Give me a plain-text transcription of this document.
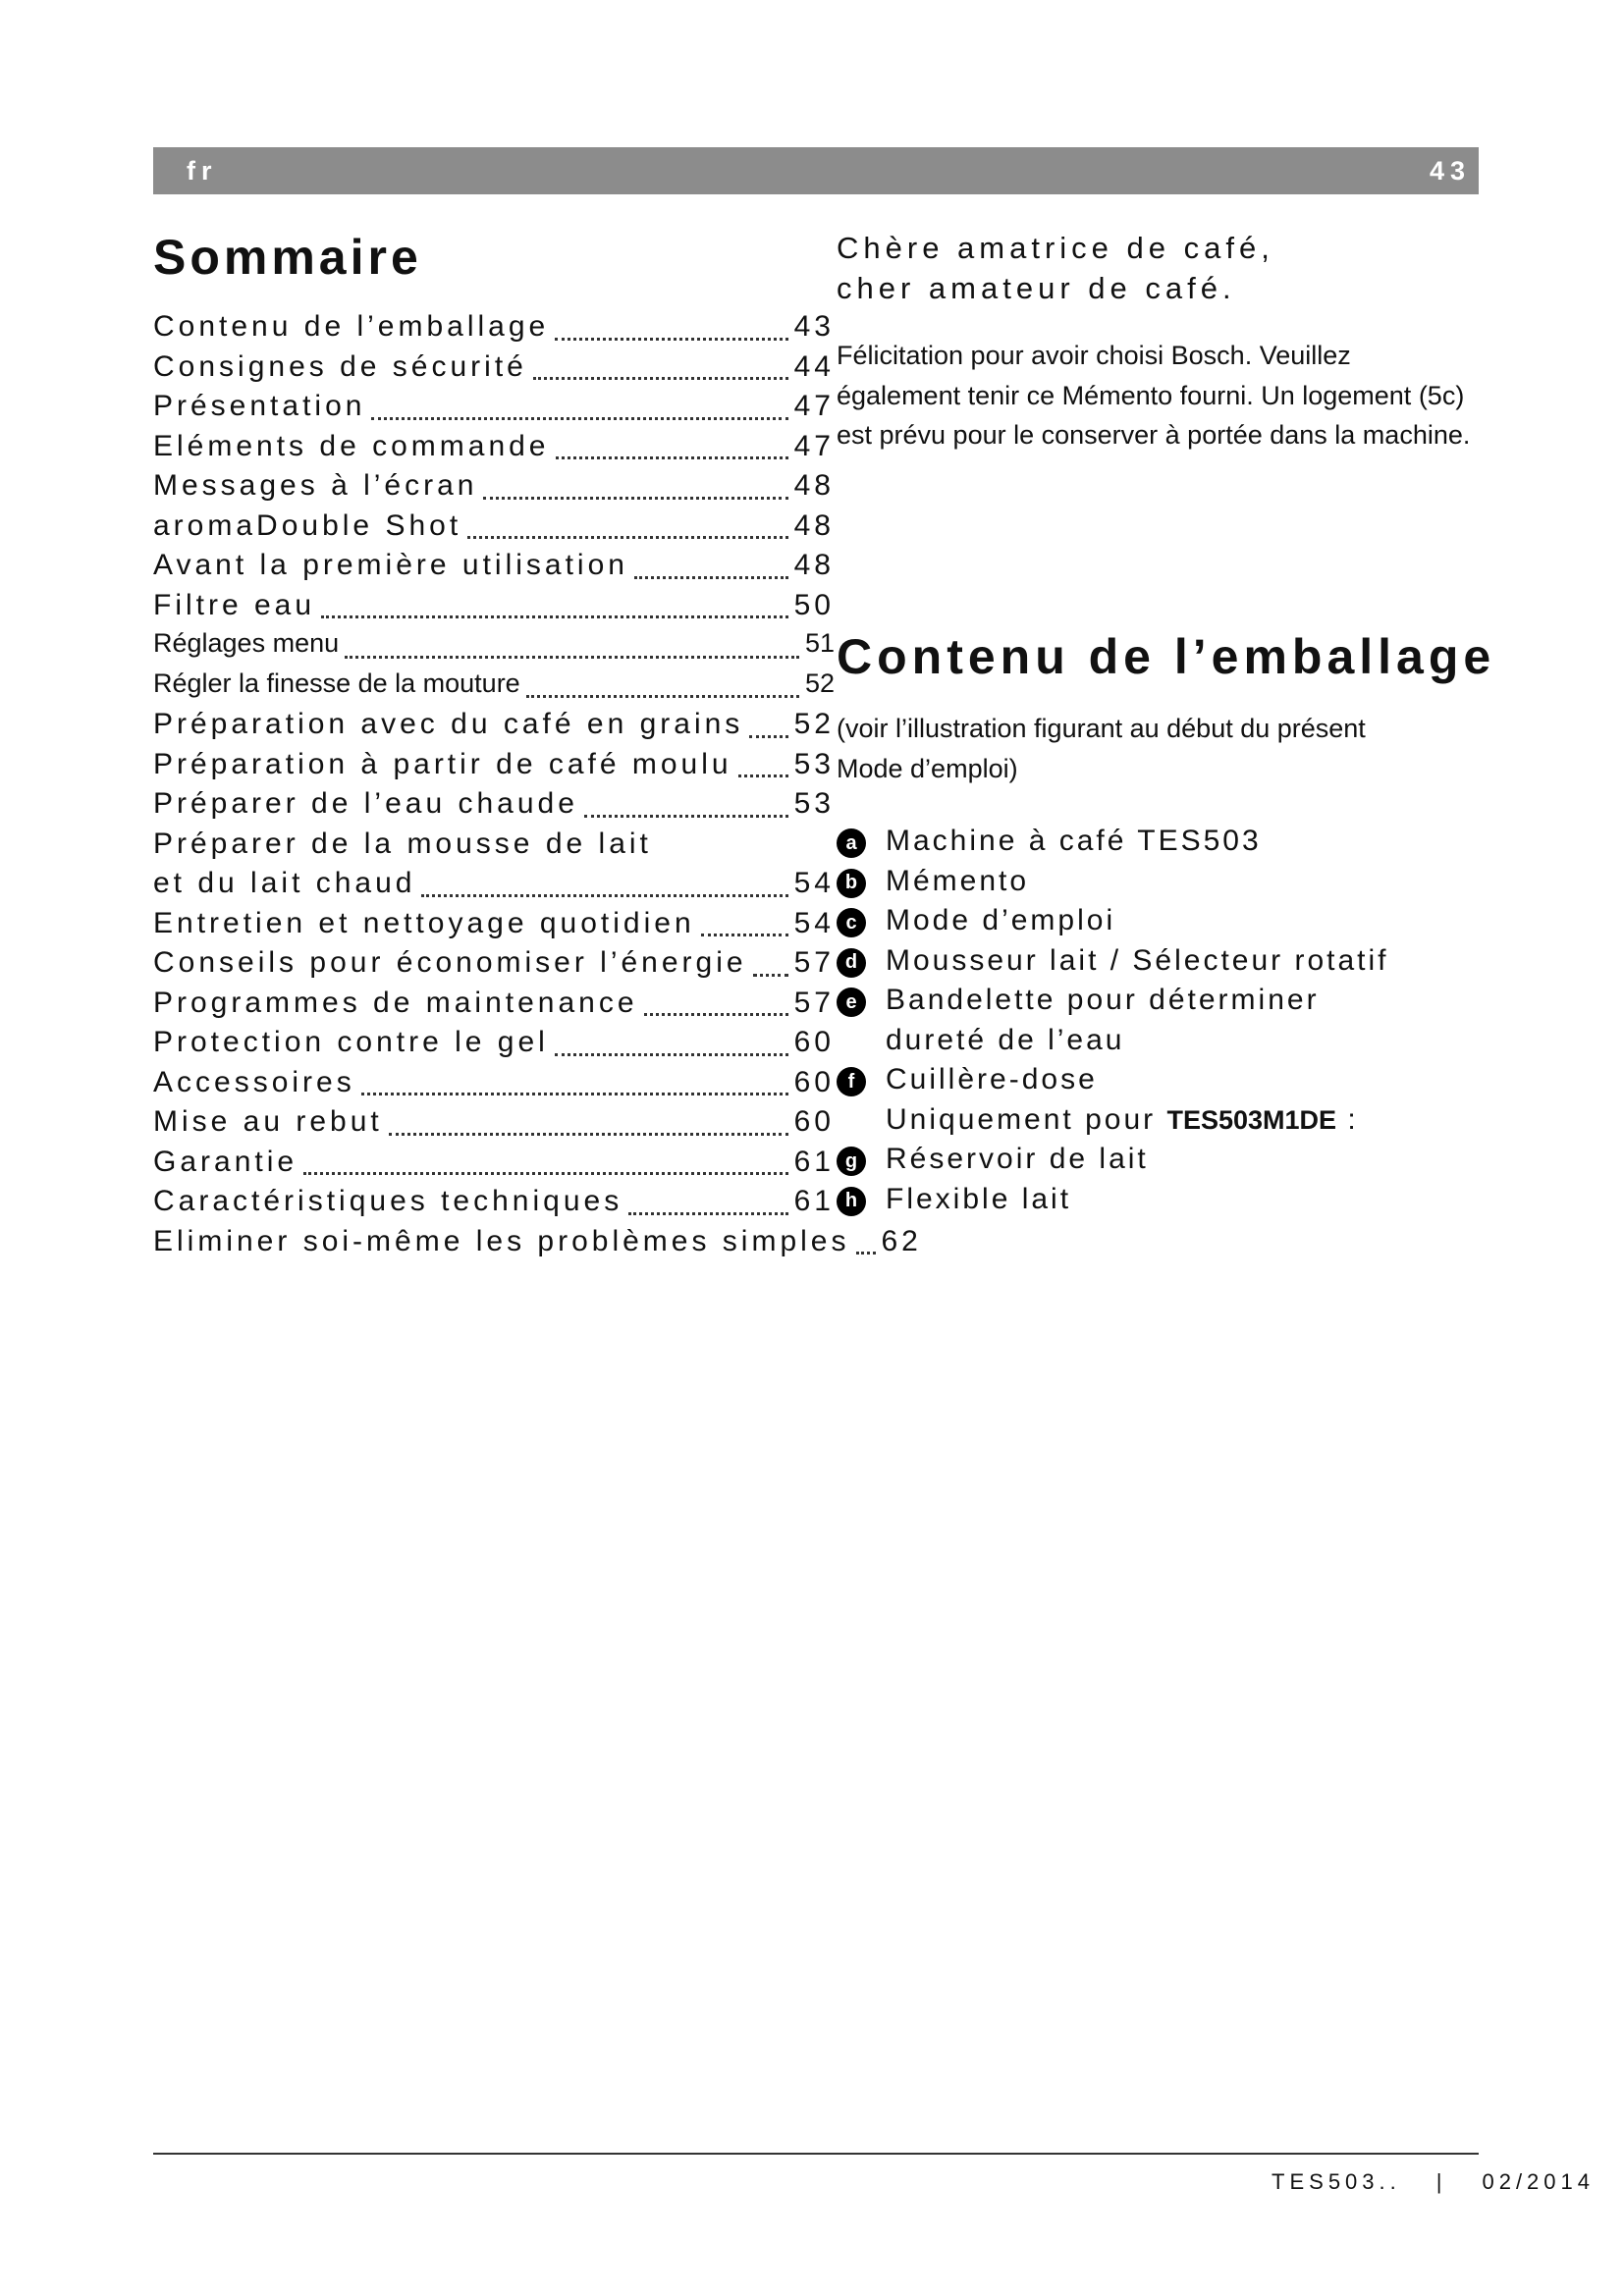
fr	43
Sommaire
Contenu de l’emballage	43
Consignes de sécurité	44
Présentation	47
Eléments de commande	47
Messages à l’écran	48
aromaDouble Shot	48
Avant la première utilisation	48
Filtre eau	50
Réglages menu	51
Régler la finesse de la mouture	52
Préparation avec du café en grains 52
Préparation à partir de café moulu 53
Préparer de l’eau chaude	53
Préparer de la mousse de lait
et du lait chaud	54
Entretien et nettoyage quotidien	54
Conseils pour économiser l’énergie 57
Programmes de maintenance	57
Protection contre le gel	60
Accessoires	60
Mise au rebut	60
Garantie	61
Caractéristiques techniques	61
Eliminer soi-même les problèmes simples 62

Chère amatrice de café,
cher amateur de café.

Félicitation pour avoir choisi Bosch. Veuillez également tenir ce Mémento fourni. Un logement (5c) est prévu pour le conserver à portée dans la machine.

Contenu de l’emballage

(voir l’illustration figurant au début du présent Mode d’emploi)

a Machine à café TES503
b Mémento
c Mode d’emploi
d Mousseur lait / Sélecteur rotatif
e Bandelette pour déterminer
dureté de l’eau
f	Cuillère-dose
Uniquement pour TES503M1DE :
g Réservoir de lait
h Flexible lait
TES503.. | 02/2014
